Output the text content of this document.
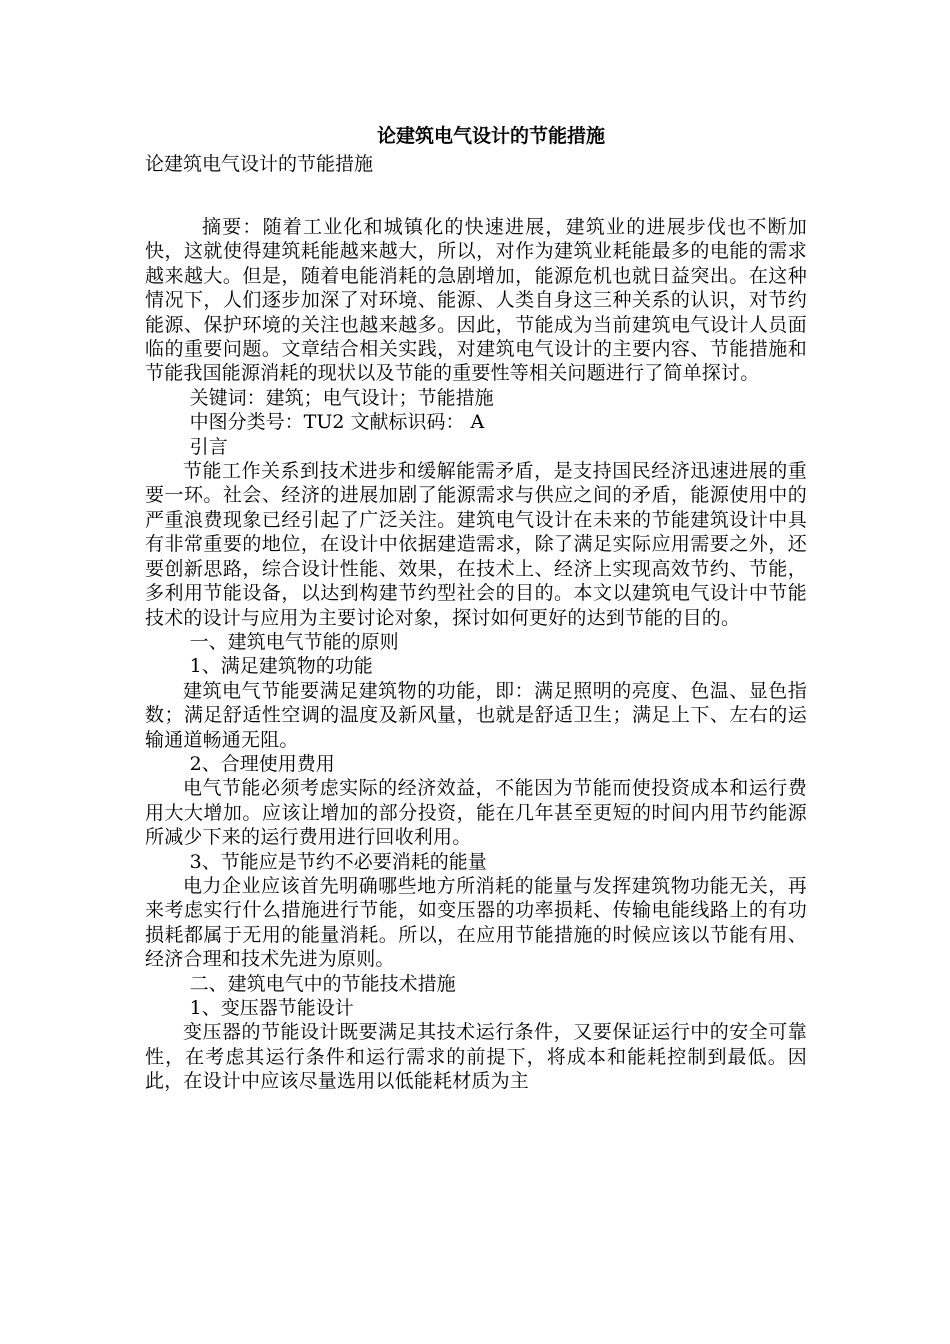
论建筑电气设计的节能措施

论建筑电气设计的节能措施

摘要：随着工业化和城镇化的快速进展，建筑业的进展步伐也不断加快，这就使得建筑耗能越来越大，所以，对作为建筑业耗能最多的电能的需求越来越大。但是，随着电能消耗的急剧增加，能源危机也就日益突出。在这种情况下，人们逐步加深了对环境、能源、人类自身这三种关系的认识，对节约能源、保护环境的关注也越来越多。因此，节能成为当前建筑电气设计人员面临的重要问题。文章结合相关实践，对建筑电气设计的主要内容、节能措施和节能我国能源消耗的现状以及节能的重要性等相关问题进行了简单探讨。

关键词：建筑；电气设计；节能措施

中图分类号：TU2 文献标识码： A

引言

节能工作关系到技术进步和缓解能需矛盾，是支持国民经济迅速进展的重要一环。社会、经济的进展加剧了能源需求与供应之间的矛盾，能源使用中的严重浪费现象已经引起了广泛关注。建筑电气设计在未来的节能建筑设计中具有非常重要的地位，在设计中依据建造需求，除了满足实际应用需要之外，还要创新思路，综合设计性能、效果，在技术上、经济上实现高效节约、节能，多利用节能设备，以达到构建节约型社会的目的。本文以建筑电气设计中节能技术的设计与应用为主要讨论对象，探讨如何更好的达到节能的目的。

一、建筑电气节能的原则

1、满足建筑物的功能

建筑电气节能要满足建筑物的功能，即：满足照明的亮度、色温、显色指数；满足舒适性空调的温度及新风量，也就是舒适卫生；满足上下、左右的运输通道畅通无阻。

2、合理使用费用

电气节能必须考虑实际的经济效益，不能因为节能而使投资成本和运行费用大大增加。应该让增加的部分投资，能在几年甚至更短的时间内用节约能源所减少下来的运行费用进行回收利用。

3、节能应是节约不必要消耗的能量

电力企业应该首先明确哪些地方所消耗的能量与发挥建筑物功能无关，再来考虑实行什么措施进行节能，如变压器的功率损耗、传输电能线路上的有功损耗都属于无用的能量消耗。所以，在应用节能措施的时候应该以节能有用、经济合理和技术先进为原则。

二、建筑电气中的节能技术措施

1、变压器节能设计

变压器的节能设计既要满足其技术运行条件，又要保证运行中的安全可靠性，在考虑其运行条件和运行需求的前提下，将成本和能耗控制到最低。因此，在设计中应该尽量选用以低能耗材质为主
